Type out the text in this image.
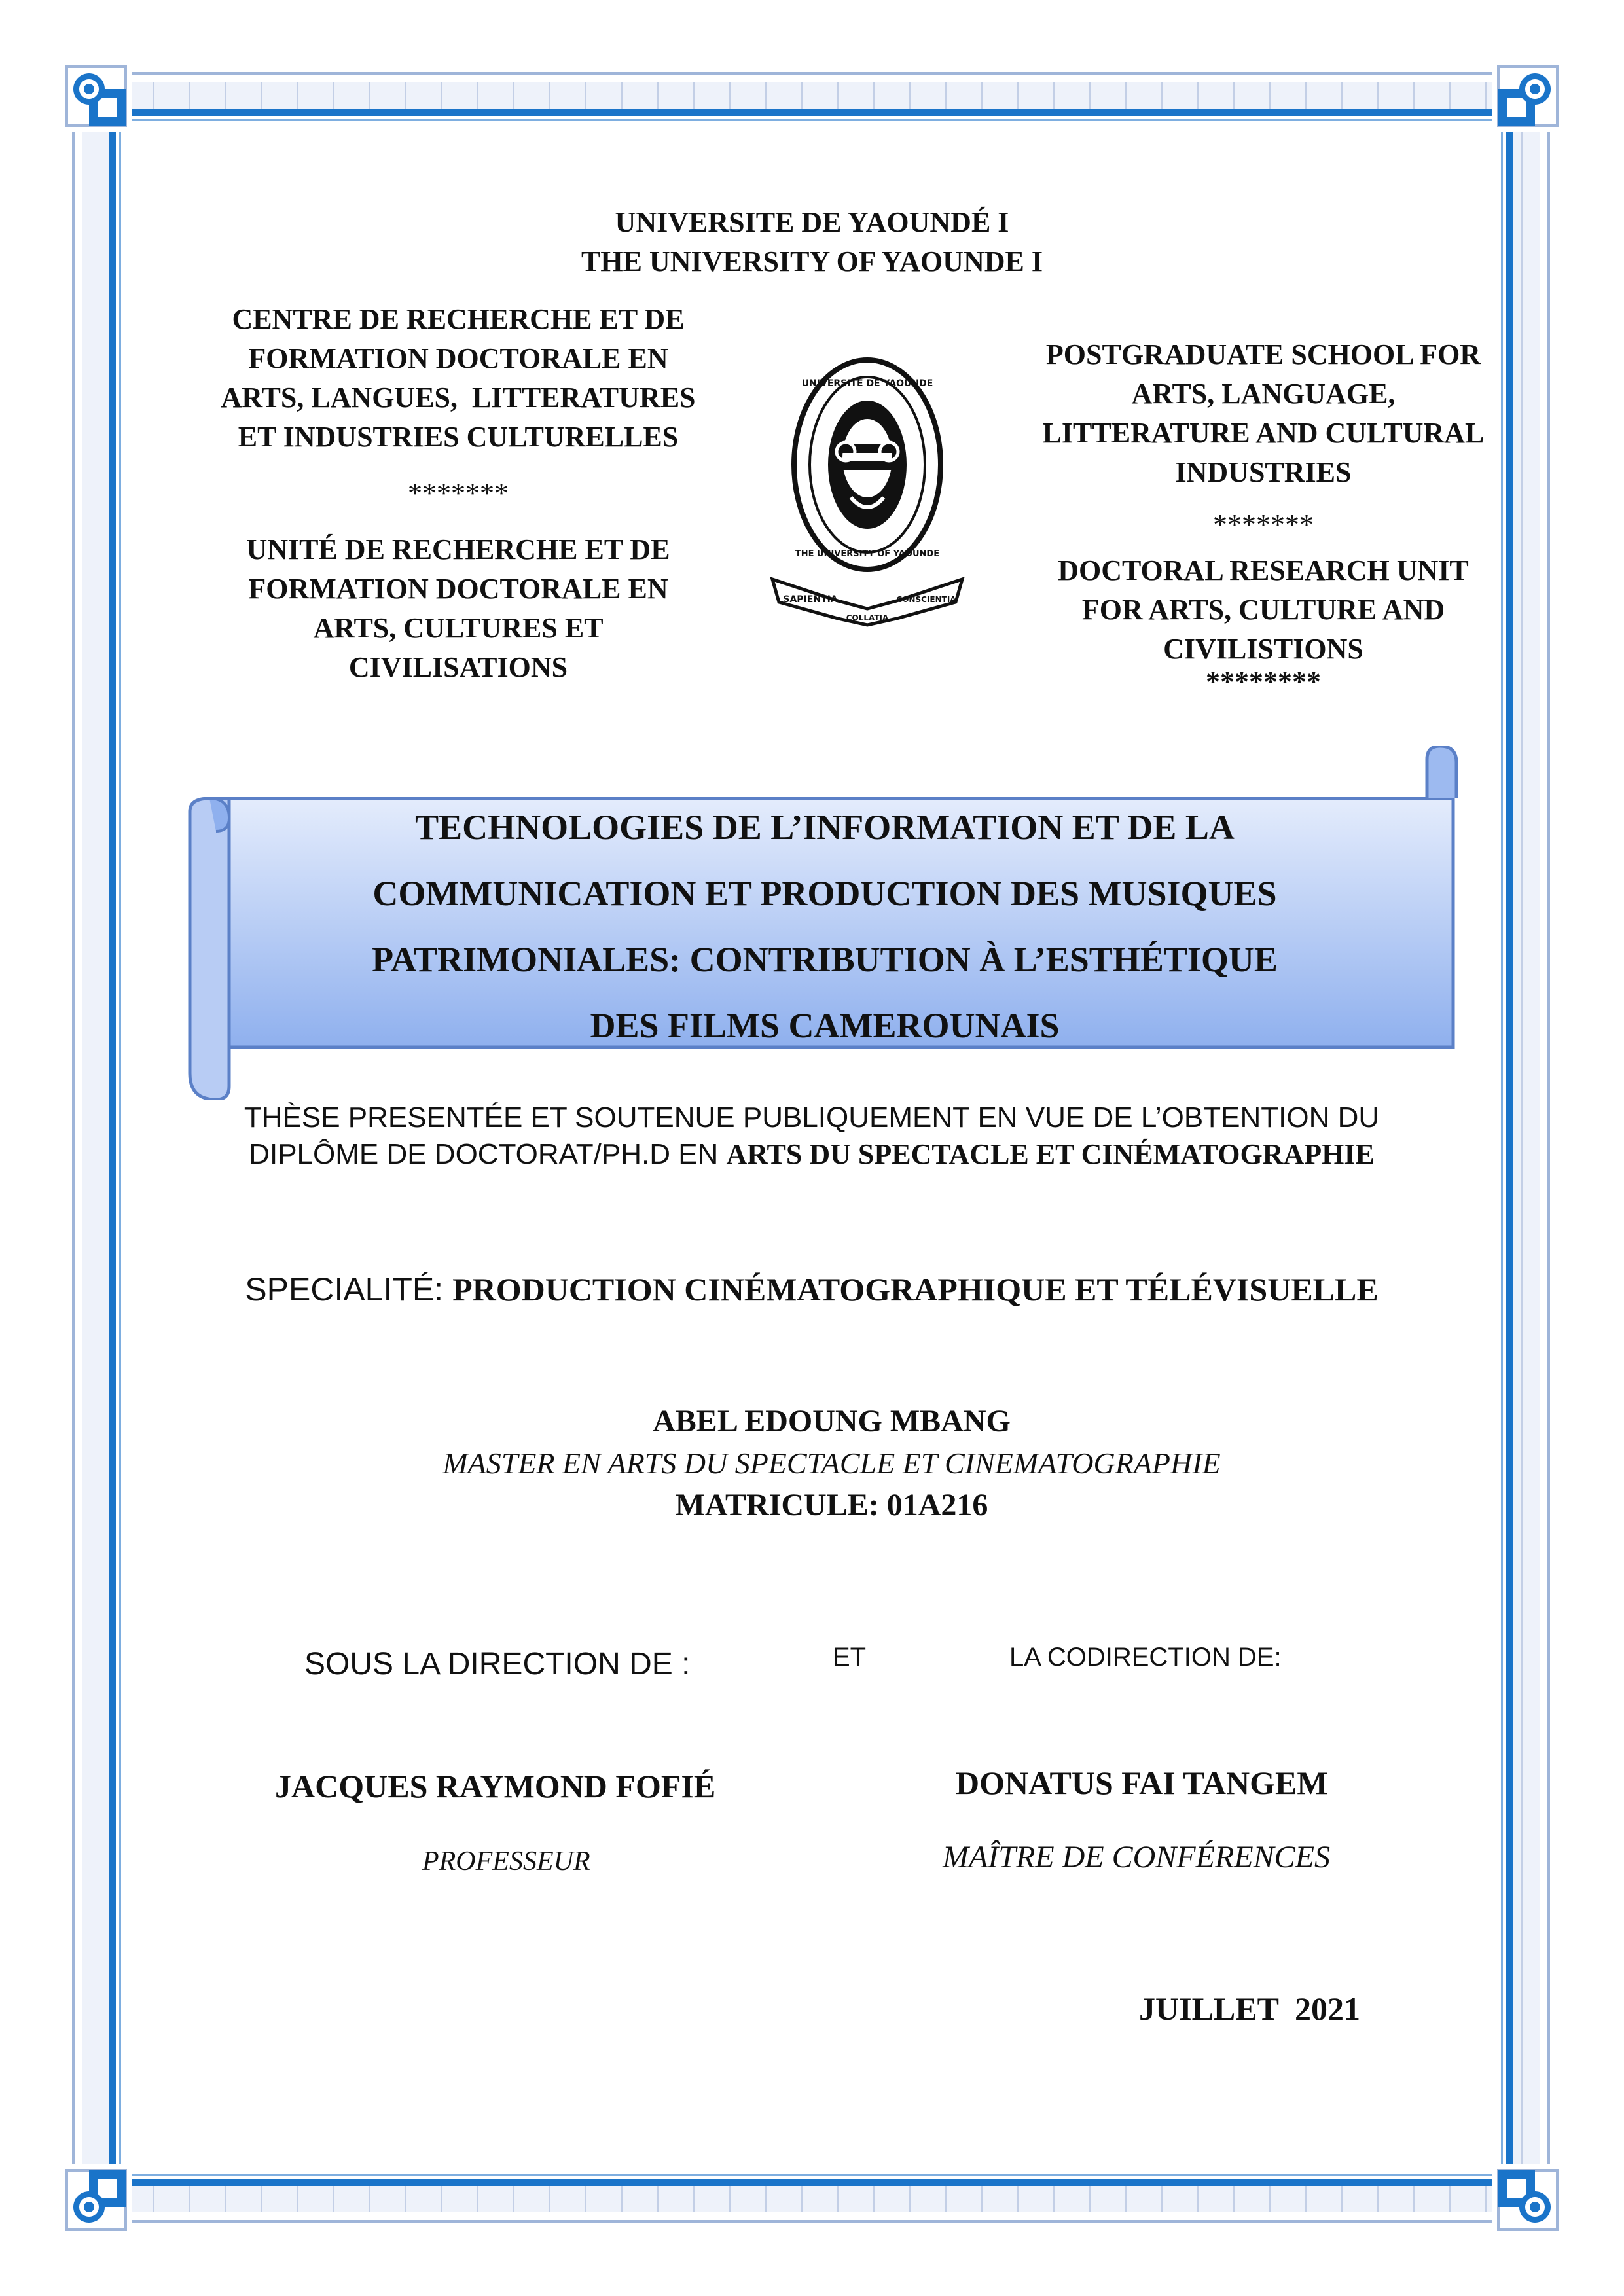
UNIVERSITE DE YAOUNDÉ I
THE UNIVERSITY OF YAOUNDE I
CENTRE DE RECHERCHE ET DE
FORMATION DOCTORALE EN
ARTS, LANGUES,  LITTERATURES
ET INDUSTRIES CULTURELLES
*******
UNITÉ DE RECHERCHE ET DE
FORMATION DOCTORALE EN
ARTS, CULTURES ET
CIVILISATIONS
POSTGRADUATE SCHOOL FOR
ARTS, LANGUAGE,
LITTERATURE AND CULTURAL
INDUSTRIES
*******
DOCTORAL RESEARCH UNIT
FOR ARTS, CULTURE AND
CIVILISTIONS
********
UNIVERSITE DE YAOUNDE
THE UNIVERSITY OF YAOUNDE
SAPIENTIA
COLLATIA
CONSCIENTIA
TECHNOLOGIES DE L’INFORMATION ET DE LA
COMMUNICATION ET PRODUCTION DES MUSIQUES
PATRIMONIALES: CONTRIBUTION À L’ESTHÉTIQUE
DES FILMS CAMEROUNAIS
THÈSE PRESENTÉE ET SOUTENUE PUBLIQUEMENT EN VUE DE L’OBTENTION DU
DIPLÔME DE DOCTORAT/PH.D EN ARTS DU SPECTACLE ET CINÉMATOGRAPHIE
SPECIALITÉ: PRODUCTION CINÉMATOGRAPHIQUE ET TÉLÉVISUELLE
ABEL EDOUNG MBANG
MASTER EN ARTS DU SPECTACLE ET CINEMATOGRAPHIE
MATRICULE: 01A216
SOUS LA DIRECTION DE :	ET	LA CODIRECTION DE:
JACQUES RAYMOND FOFIÉ	DONATUS FAI TANGEM
PROFESSEUR	MAÎTRE DE CONFÉRENCES
JUILLET  2021
